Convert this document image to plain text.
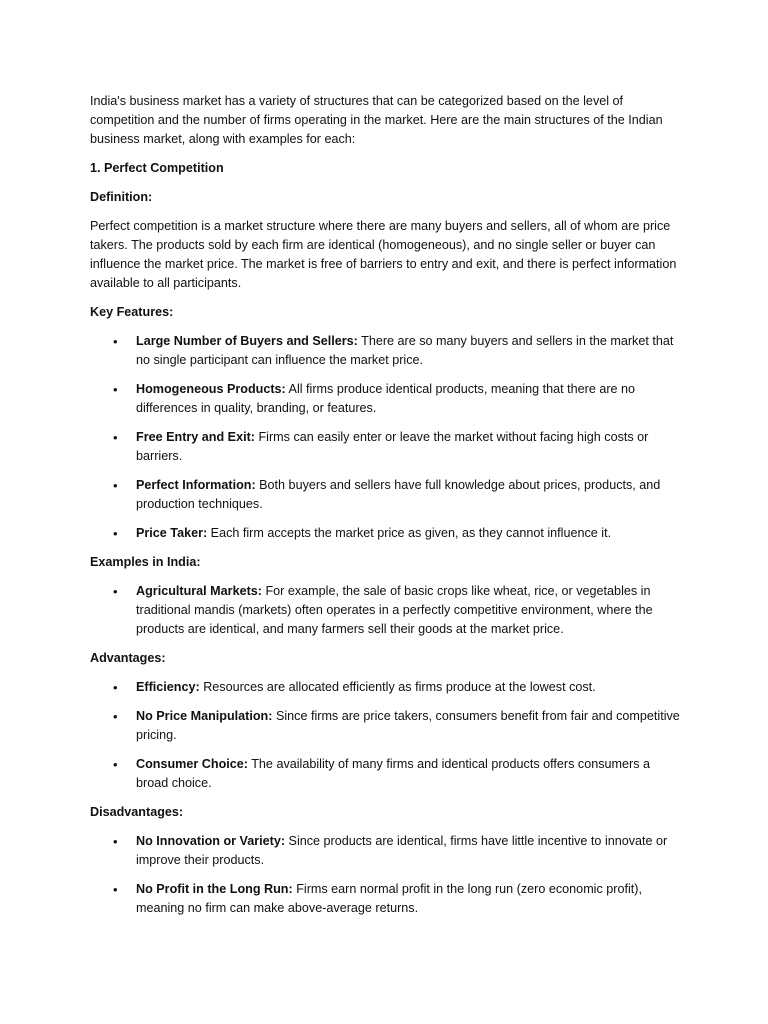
India's business market has a variety of structures that can be categorized based on the level of competition and the number of firms operating in the market. Here are the main structures of the Indian business market, along with examples for each:

1. Perfect Competition

Definition:

Perfect competition is a market structure where there are many buyers and sellers, all of whom are price takers. The products sold by each firm are identical (homogeneous), and no single seller or buyer can influence the market price. The market is free of barriers to entry and exit, and there is perfect information available to all participants.

Key Features:

• Large Number of Buyers and Sellers: There are so many buyers and sellers in the market that no single participant can influence the market price.
• Homogeneous Products: All firms produce identical products, meaning that there are no differences in quality, branding, or features.
• Free Entry and Exit: Firms can easily enter or leave the market without facing high costs or barriers.
• Perfect Information: Both buyers and sellers have full knowledge about prices, products, and production techniques.
• Price Taker: Each firm accepts the market price as given, as they cannot influence it.

Examples in India:

• Agricultural Markets: For example, the sale of basic crops like wheat, rice, or vegetables in traditional mandis (markets) often operates in a perfectly competitive environment, where the products are identical, and many farmers sell their goods at the market price.

Advantages:

• Efficiency: Resources are allocated efficiently as firms produce at the lowest cost.
• No Price Manipulation: Since firms are price takers, consumers benefit from fair and competitive pricing.
• Consumer Choice: The availability of many firms and identical products offers consumers a broad choice.

Disadvantages:

• No Innovation or Variety: Since products are identical, firms have little incentive to innovate or improve their products.
• No Profit in the Long Run: Firms earn normal profit in the long run (zero economic profit), meaning no firm can make above-average returns.
